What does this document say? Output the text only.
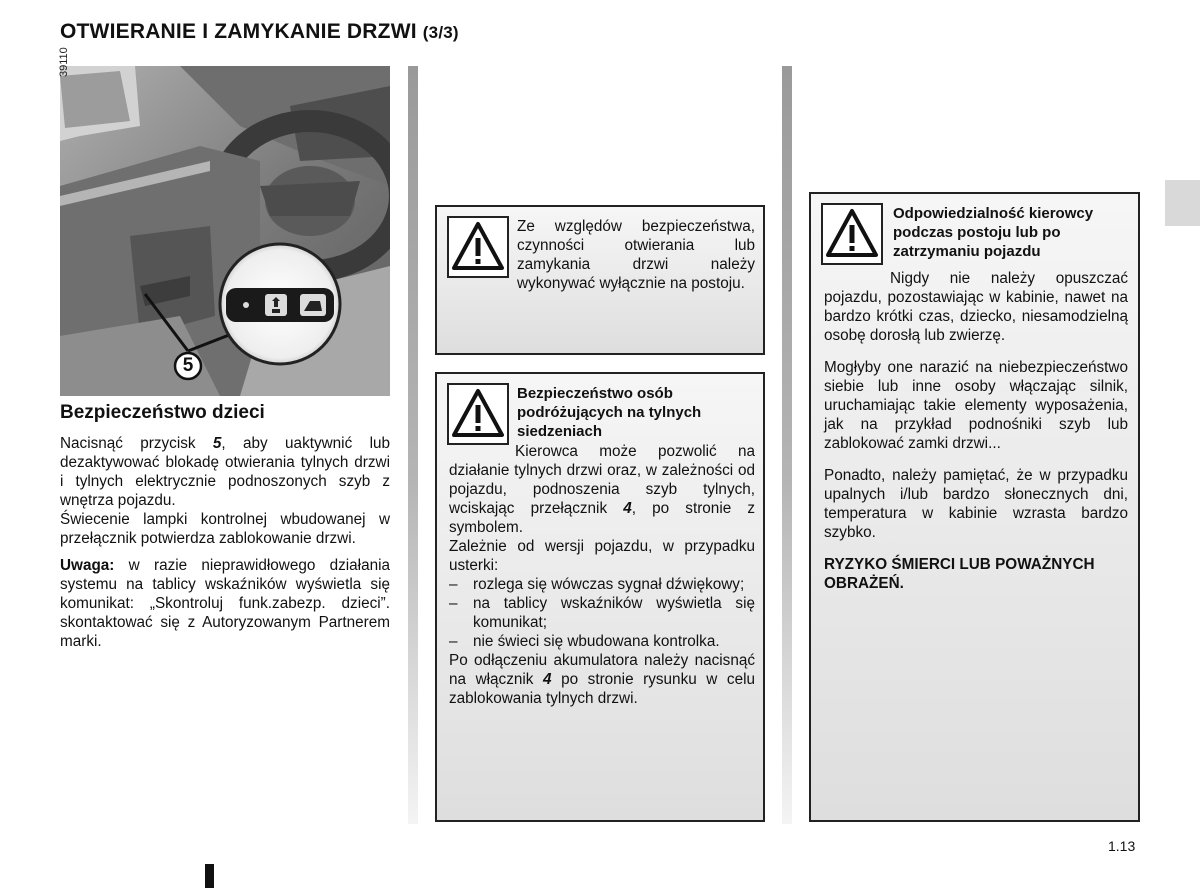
OTWIERANIE I ZAMYKANIE DRZWI (3/3)
39110
5
Bezpieczeństwo dzieci

Nacisnąć przycisk 5, aby uaktywnić lub dezaktywować blokadę otwierania tylnych drzwi i tylnych elektrycznie podnoszonych szyb z wnętrza pojazdu.

Świecenie lampki kontrolnej wbudowanej w przełącznik potwierdza zablokowanie drzwi.

Uwaga: w razie nieprawidłowego działania systemu na tablicy wskaźników wyświetla się komunikat: „Skontroluj funk.zabezp. dzieci”. skontaktować się z Autoryzowanym Partnerem marki.

Ze względów bezpieczeństwa, czynności otwierania lub zamykania drzwi należy wykonywać wyłącznie na postoju.
Bezpieczeństwo osób podróżujących na tylnych siedzeniach

Kierowca może pozwolić na działanie tylnych drzwi oraz, w zależności od pojazdu, podnoszenia szyb tylnych, wciskając przełącznik 4, po stronie z symbolem.

Zależnie od wersji pojazdu, w przypadku usterki:

–	rozlega się wówczas sygnał dźwiękowy;
–	na tablicy wskaźników wyświetla się komunikat;
–	nie świeci się wbudowana kontrolka.

Po odłączeniu akumulatora należy nacisnąć na włącznik 4 po stronie rysunku w celu zablokowania tylnych drzwi.

Odpowiedzialność kierowcy podczas postoju lub po zatrzymaniu pojazdu

Nigdy nie należy opuszczać pojazdu, pozostawiając w kabinie, nawet na bardzo krótki czas, dziecko, niesamodzielną osobę dorosłą lub zwierzę.

Mogłyby one narazić na niebezpieczeństwo siebie lub inne osoby włączając silnik, uruchamiając takie elementy wyposażenia, jak na przykład podnośniki szyb lub zablokować zamki drzwi...

Ponadto, należy pamiętać, że w przypadku upalnych i/lub bardzo słonecznych dni, temperatura w kabinie wzrasta bardzo szybko.

RYZYKO ŚMIERCI LUB POWAŻNYCH OBRAŻEŃ.

1.13
